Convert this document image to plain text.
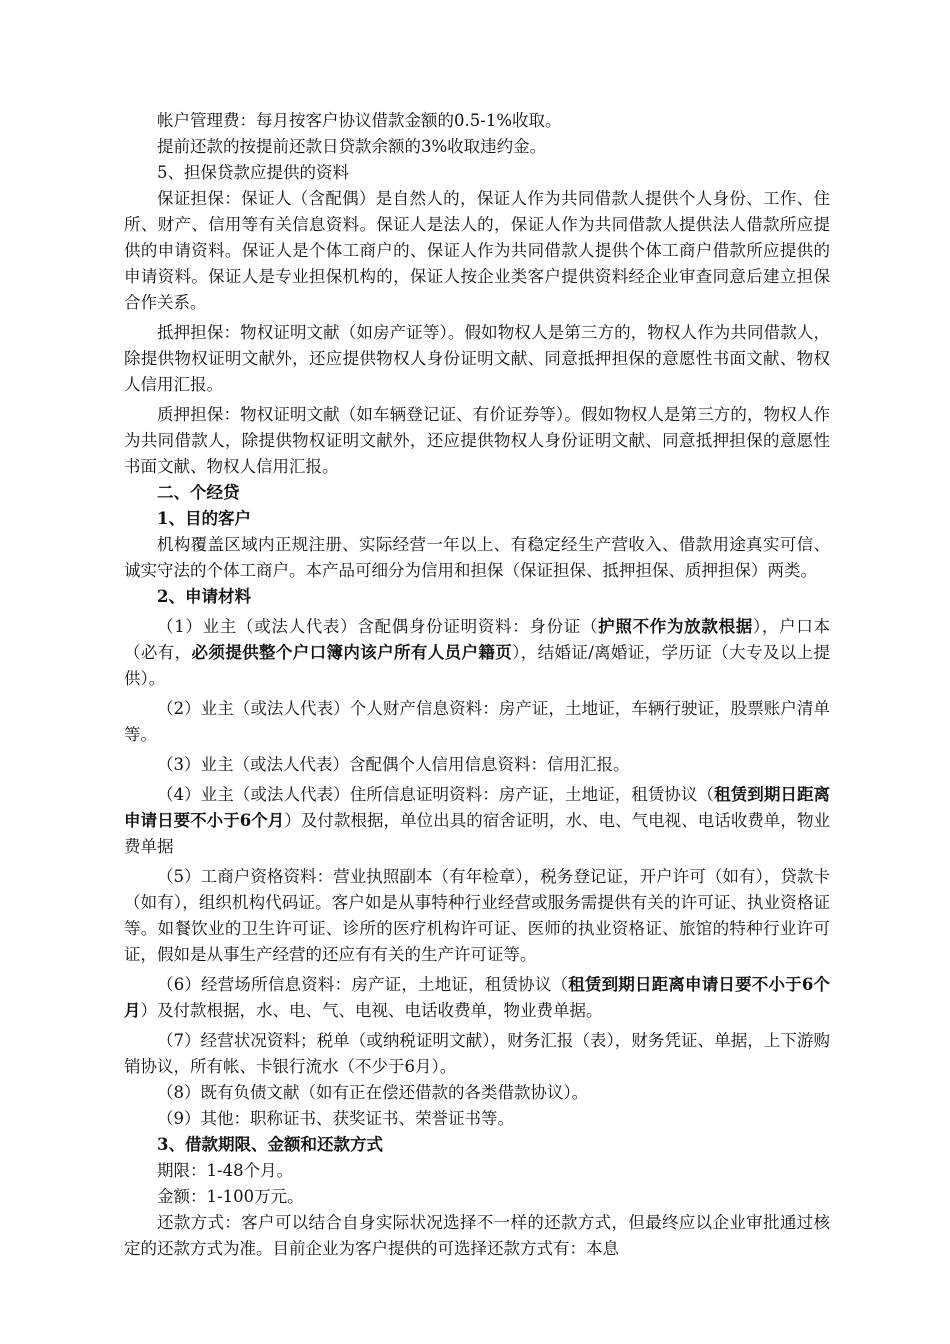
帐户管理费：每月按客户协议借款金额的0.5-1%收取。

提前还款的按提前还款日贷款余额的3%收取违约金。

5、担保贷款应提供的资料

保证担保：保证人（含配偶）是自然人的，保证人作为共同借款人提供个人身份、工作、住所、财产、信用等有关信息资料。保证人是法人的，保证人作为共同借款人提供法人借款所应提供的申请资料。保证人是个体工商户的、保证人作为共同借款人提供个体工商户借款所应提供的申请资料。保证人是专业担保机构的，保证人按企业类客户提供资料经企业审查同意后建立担保合作关系。

抵押担保：物权证明文献（如房产证等）。假如物权人是第三方的，物权人作为共同借款人，除提供物权证明文献外，还应提供物权人身份证明文献、同意抵押担保的意愿性书面文献、物权人信用汇报。

质押担保：物权证明文献（如车辆登记证、有价证券等）。假如物权人是第三方的，物权人作为共同借款人，除提供物权证明文献外，还应提供物权人身份证明文献、同意抵押担保的意愿性书面文献、物权人信用汇报。

二、个经贷

1、目的客户

机构覆盖区域内正规注册、实际经营一年以上、有稳定经生产营收入、借款用途真实可信、诚实守法的个体工商户。本产品可细分为信用和担保（保证担保、抵押担保、质押担保）两类。

2、申请材料

（1）业主（或法人代表）含配偶身份证明资料：身份证（护照不作为放款根据），户口本（必有，必须提供整个户口簿内该户所有人员户籍页），结婚证/离婚证，学历证（大专及以上提供）。

（2）业主（或法人代表）个人财产信息资料：房产证，土地证，车辆行驶证，股票账户清单等。

（3）业主（或法人代表）含配偶个人信用信息资料：信用汇报。

（4）业主（或法人代表）住所信息证明资料：房产证，土地证，租赁协议（租赁到期日距离申请日要不小于6个月）及付款根据，单位出具的宿舍证明，水、电、气电视、电话收费单，物业费单据

（5）工商户资格资料：营业执照副本（有年检章），税务登记证，开户许可（如有），贷款卡（如有），组织机构代码证。客户如是从事特种行业经营或服务需提供有关的许可证、执业资格证等。如餐饮业的卫生许可证、诊所的医疗机构许可证、医师的执业资格证、旅馆的特种行业许可证，假如是从事生产经营的还应有有关的生产许可证等。

（6）经营场所信息资料：房产证，土地证，租赁协议（租赁到期日距离申请日要不小于6个月）及付款根据，水、电、气、电视、电话收费单，物业费单据。

（7）经营状况资料；税单（或纳税证明文献），财务汇报（表），财务凭证、单据，上下游购销协议，所有帐、卡银行流水（不少于6月）。

（8）既有负债文献（如有正在偿还借款的各类借款协议）。

（9）其他：职称证书、获奖证书、荣誉证书等。

3、借款期限、金额和还款方式

期限：1-48个月。

金额：1-100万元。

还款方式：客户可以结合自身实际状况选择不一样的还款方式，但最终应以企业审批通过核定的还款方式为准。目前企业为客户提供的可选择还款方式有：本息
